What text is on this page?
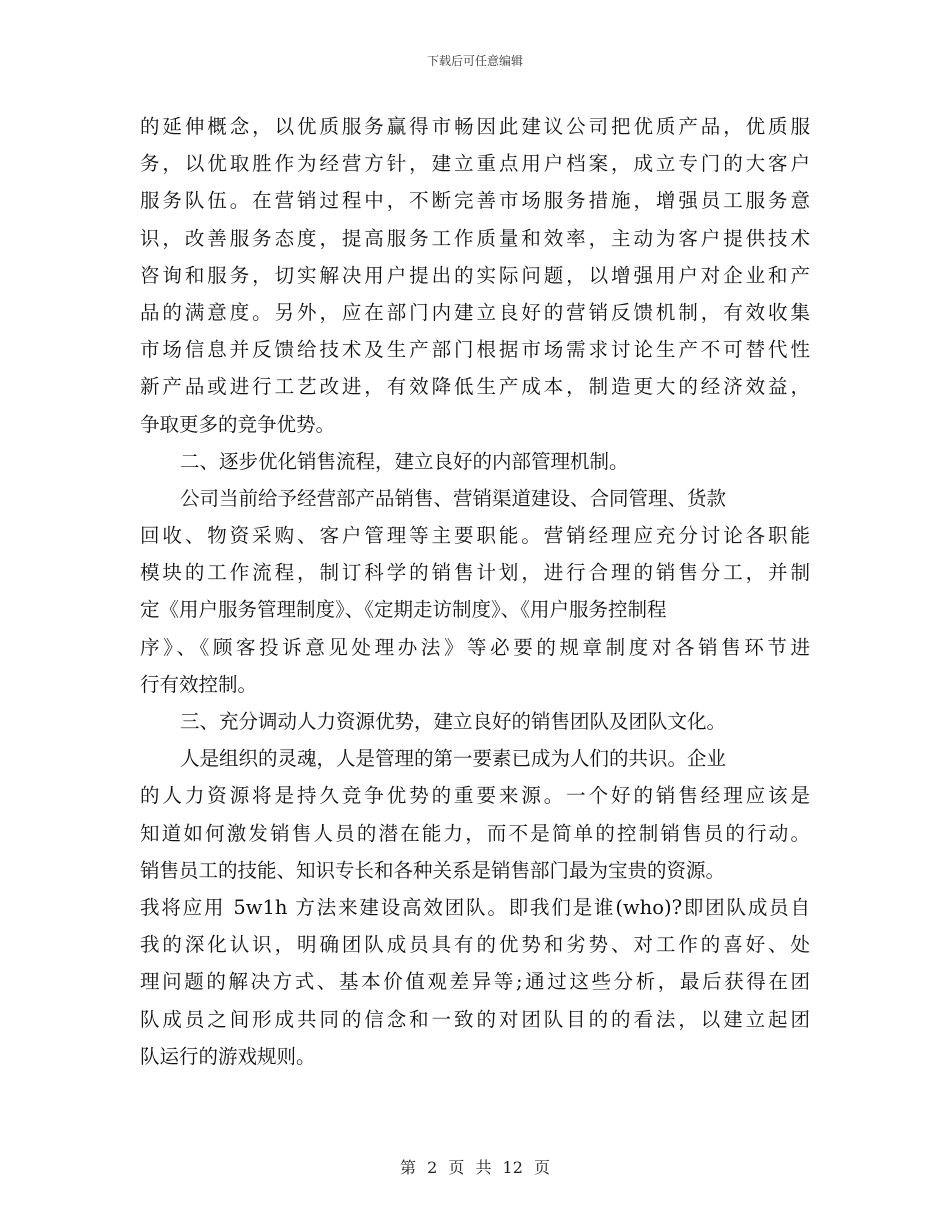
下载后可任意编辑
的延伸概念，以优质服务赢得市畅因此建议公司把优质产品，优质服
务，以优取胜作为经营方针，建立重点用户档案，成立专门的大客户
服务队伍。在营销过程中，不断完善市场服务措施，增强员工服务意
识，改善服务态度，提高服务工作质量和效率，主动为客户提供技术
咨询和服务，切实解决用户提出的实际问题，以增强用户对企业和产
品的满意度。另外，应在部门内建立良好的营销反馈机制，有效收集
市场信息并反馈给技术及生产部门根据市场需求讨论生产不可替代性
新产品或进行工艺改进，有效降低生产成本，制造更大的经济效益，
争取更多的竞争优势。
二、逐步优化销售流程，建立良好的内部管理机制。
公司当前给予经营部产品销售、营销渠道建设、合同管理、货款
回收、物资采购、客户管理等主要职能。营销经理应充分讨论各职能
模块的工作流程，制订科学的销售计划，进行合理的销售分工，并制
定《用户服务管理制度》、《定期走访制度》、《用户服务控制程
序》、《顾客投诉意见处理办法》等必要的规章制度对各销售环节进
行有效控制。
三、充分调动人力资源优势，建立良好的销售团队及团队文化。
人是组织的灵魂，人是管理的第一要素已成为人们的共识。企业
的人力资源将是持久竞争优势的重要来源。一个好的销售经理应该是
知道如何激发销售人员的潜在能力，而不是简单的控制销售员的行动。
销售员工的技能、知识专长和各种关系是销售部门最为宝贵的资源。
我将应用 5w1h 方法来建设高效团队。即我们是谁(who)?即团队成员自
我的深化认识，明确团队成员具有的优势和劣势、对工作的喜好、处
理问题的解决方式、基本价值观差异等;通过这些分析，最后获得在团
队成员之间形成共同的信念和一致的对团队目的的看法，以建立起团
队运行的游戏规则。
第 2 页 共 12 页
